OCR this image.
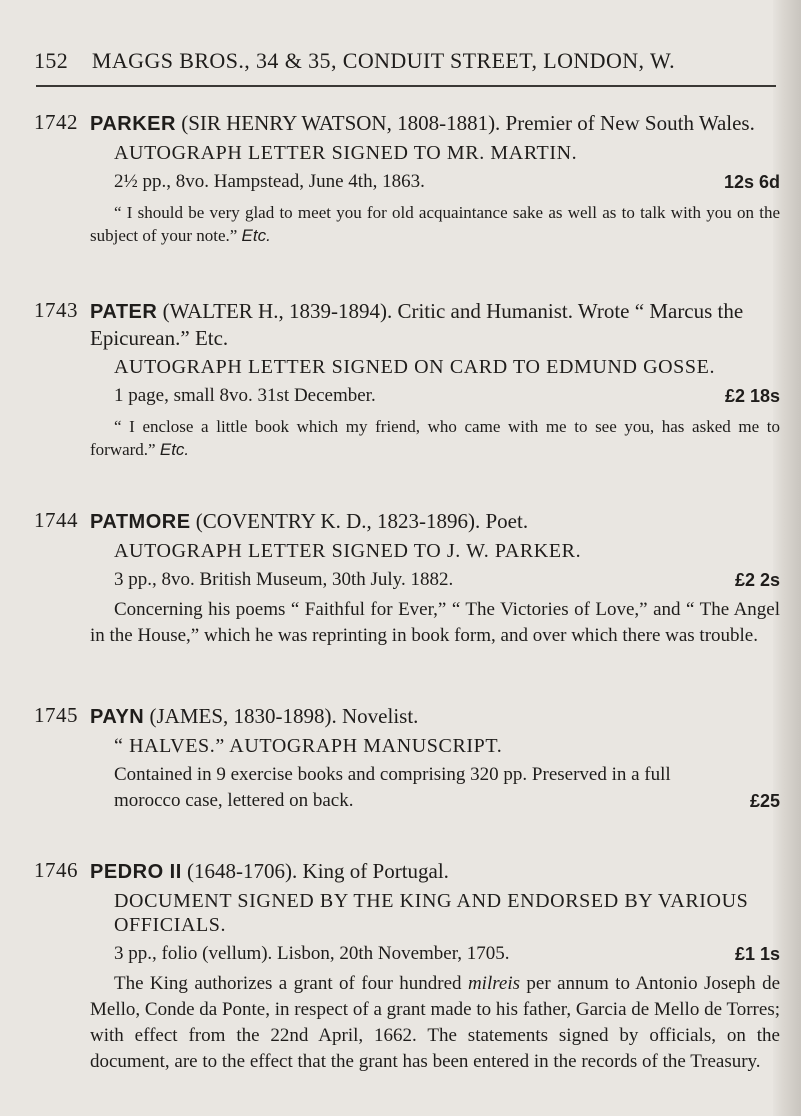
152 MAGGS BROS., 34 & 35, CONDUIT STREET, LONDON, W.
1742 PARKER (SIR HENRY WATSON, 1808-1881). Premier of New South Wales.
AUTOGRAPH LETTER SIGNED TO MR. MARTIN.
2½ pp., 8vo. Hampstead, June 4th, 1863.	12s 6d
“ I should be very glad to meet you for old acquaintance sake as well as to talk with you on the subject of your note.” Etc.
1743 PATER (WALTER H., 1839-1894). Critic and Humanist. Wrote “ Marcus the Epicurean.” Etc.
AUTOGRAPH LETTER SIGNED ON CARD TO EDMUND GOSSE.
1 page, small 8vo. 31st December.	£2 18s
“ I enclose a little book which my friend, who came with me to see you, has asked me to forward.” Etc.
1744 PATMORE (COVENTRY K. D., 1823-1896). Poet.
AUTOGRAPH LETTER SIGNED TO J. W. PARKER.
3 pp., 8vo. British Museum, 30th July. 1882.	£2 2s
Concerning his poems “ Faithful for Ever,” “ The Victories of Love,” and “ The Angel in the House,” which he was reprinting in book form, and over which there was trouble.
1745 PAYN (JAMES, 1830-1898). Novelist.
“ HALVES.” AUTOGRAPH MANUSCRIPT.
Contained in 9 exercise books and comprising 320 pp. Preserved in a full morocco case, lettered on back.	£25
1746 PEDRO II (1648-1706). King of Portugal.
DOCUMENT SIGNED BY THE KING AND ENDORSED BY VARIOUS OFFICIALS.
3 pp., folio (vellum). Lisbon, 20th November, 1705.	£1 1s
The King authorizes a grant of four hundred milreis per annum to Antonio Joseph de Mello, Conde da Ponte, in respect of a grant made to his father, Garcia de Mello de Torres; with effect from the 22nd April, 1662. The statements signed by officials, on the document, are to the effect that the grant has been entered in the records of the Treasury.
